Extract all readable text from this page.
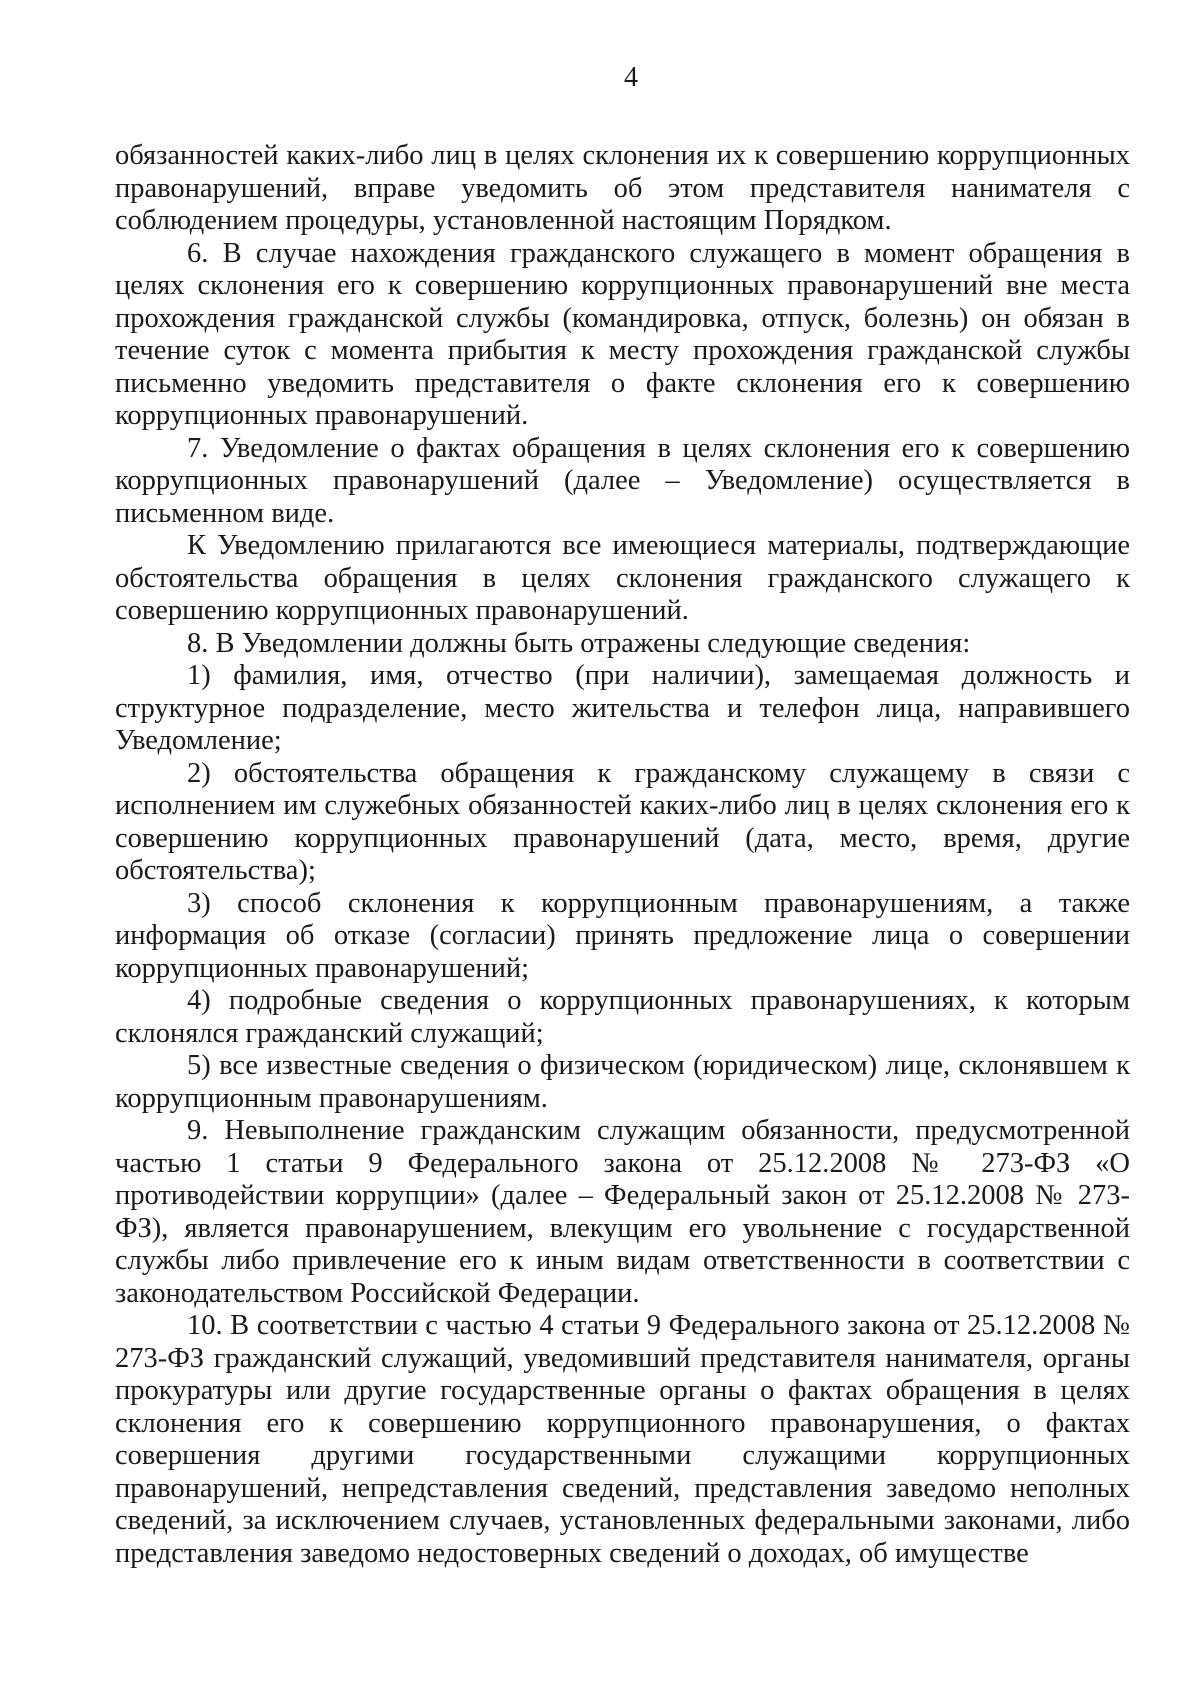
4

обязанностей каких-либо лиц в целях склонения их к совершению коррупционных правонарушений, вправе уведомить об этом представителя нанимателя с соблюдением процедуры, установленной настоящим Порядком.

6. В случае нахождения гражданского служащего в момент обращения в целях склонения его к совершению коррупционных правонарушений вне места прохождения гражданской службы (командировка, отпуск, болезнь) он обязан в течение суток с момента прибытия к месту прохождения гражданской службы письменно уведомить представителя о факте склонения его к совершению коррупционных правонарушений.

7. Уведомление о фактах обращения в целях склонения его к совершению коррупционных правонарушений (далее – Уведомление) осуществляется в письменном виде.

К Уведомлению прилагаются все имеющиеся материалы, подтверждающие обстоятельства обращения в целях склонения гражданского служащего к совершению коррупционных правонарушений.

8. В Уведомлении должны быть отражены следующие сведения:

1) фамилия, имя, отчество (при наличии), замещаемая должность и структурное подразделение, место жительства и телефон лица, направившего Уведомление;

2) обстоятельства обращения к гражданскому служащему в связи с исполнением им служебных обязанностей каких-либо лиц в целях склонения его к совершению коррупционных правонарушений (дата, место, время, другие обстоятельства);

3) способ склонения к коррупционным правонарушениям, а также информация об отказе (согласии) принять предложение лица о совершении коррупционных правонарушений;

4) подробные сведения о коррупционных правонарушениях, к которым склонялся гражданский служащий;

5) все известные сведения о физическом (юридическом) лице, склонявшем к коррупционным правонарушениям.

9. Невыполнение гражданским служащим обязанности, предусмотренной частью 1 статьи 9 Федерального закона от 25.12.2008 № 273-ФЗ «О противодействии коррупции» (далее – Федеральный закон от 25.12.2008 № 273-ФЗ), является правонарушением, влекущим его увольнение с государственной службы либо привлечение его к иным видам ответственности в соответствии с законодательством Российской Федерации.

10. В соответствии с частью 4 статьи 9 Федерального закона от 25.12.2008 № 273-ФЗ гражданский служащий, уведомивший представителя нанимателя, органы прокуратуры или другие государственные органы о фактах обращения в целях склонения его к совершению коррупционного правонарушения, о фактах совершения другими государственными служащими коррупционных правонарушений, непредставления сведений, представления заведомо неполных сведений, за исключением случаев, установленных федеральными законами, либо представления заведомо недостоверных сведений о доходах, об имуществе
